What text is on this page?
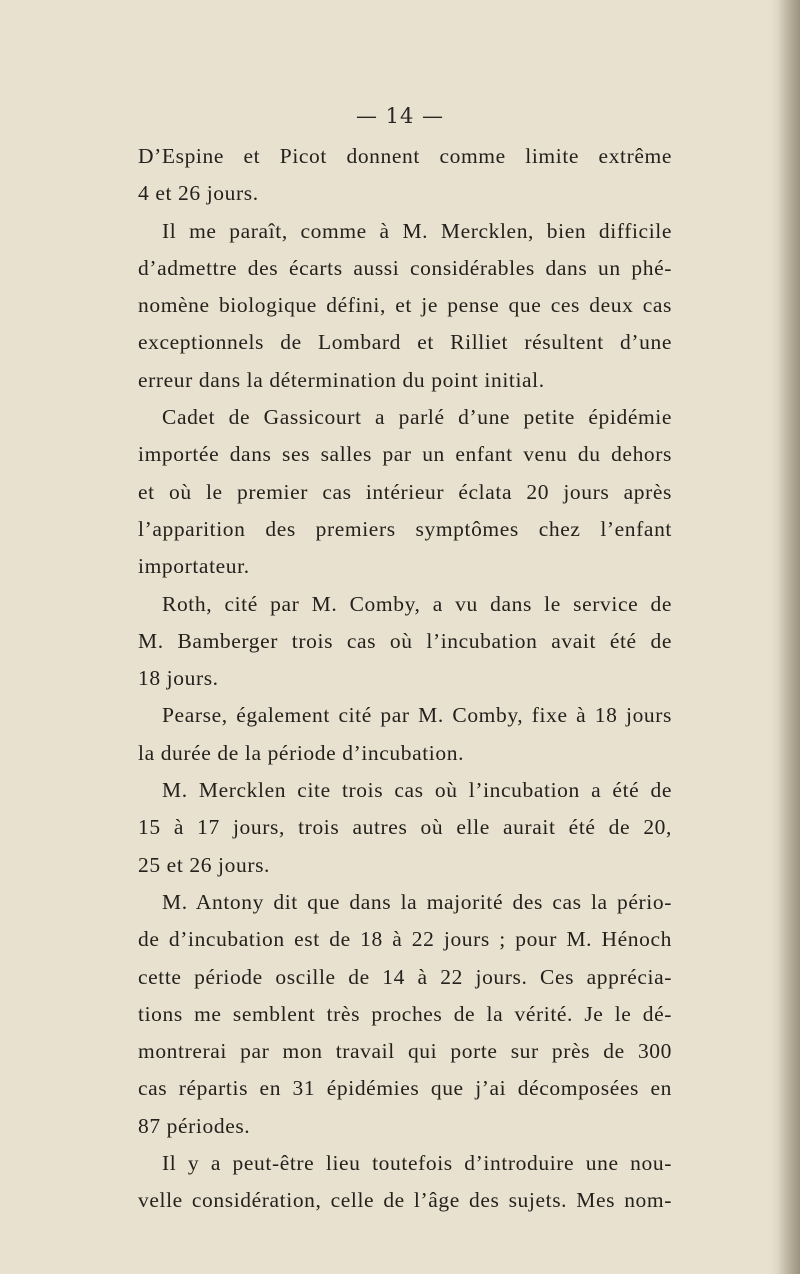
— 14 —
D’Espine et Picot donnent comme limite extrême
4 et 26 jours.
Il me paraît, comme à M. Mercklen, bien difficile
d’admettre des écarts aussi considérables dans un phé-
nomène biologique défini, et je pense que ces deux cas
exceptionnels de Lombard et Rilliet résultent d’une
erreur dans la détermination du point initial.
Cadet de Gassicourt a parlé d’une petite épidémie
importée dans ses salles par un enfant venu du dehors
et où le premier cas intérieur éclata 20 jours après
l’apparition des premiers symptômes chez l’enfant
importateur.
Roth, cité par M. Comby, a vu dans le service de
M. Bamberger trois cas où l’incubation avait été de
18 jours.
Pearse, également cité par M. Comby, fixe à 18 jours
la durée de la période d’incubation.
M. Mercklen cite trois cas où l’incubation a été de
15 à 17 jours, trois autres où elle aurait été de 20,
25 et 26 jours.
M. Antony dit que dans la majorité des cas la pério-
de d’incubation est de 18 à 22 jours ; pour M. Hénoch
cette période oscille de 14 à 22 jours. Ces apprécia-
tions me semblent très proches de la vérité. Je le dé-
montrerai par mon travail qui porte sur près de 300
cas répartis en 31 épidémies que j’ai décomposées en
87 périodes.
Il y a peut-être lieu toutefois d’introduire une nou-
velle considération, celle de l’âge des sujets. Mes nom-
